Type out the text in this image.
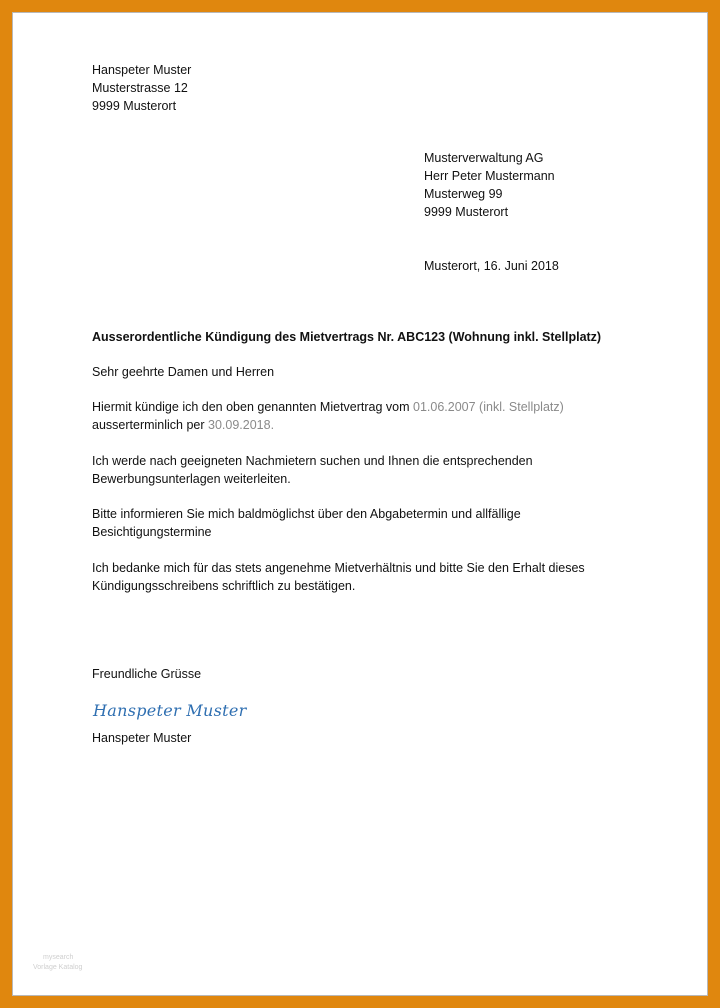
Hanspeter Muster
Musterstrasse 12
9999 Musterort
Musterverwaltung AG
Herr Peter Mustermann
Musterweg 99
9999 Musterort
Musterort, 16. Juni 2018
Ausserordentliche Kündigung des Mietvertrags Nr. ABC123 (Wohnung inkl. Stellplatz)
Sehr geehrte Damen und Herren
Hiermit kündige ich den oben genannten Mietvertrag vom 01.06.2007 (inkl. Stellplatz)
ausserterminlich per 30.09.2018.
Ich werde nach geeigneten Nachmietern suchen und Ihnen die entsprechenden
Bewerbungsunterlagen weiterleiten.
Bitte informieren Sie mich baldmöglichst über den Abgabetermin und allfällige
Besichtigungstermine
Ich bedanke mich für das stets angenehme Mietverhältnis und bitte Sie den Erhalt dieses
Kündigungsschreibens schriftlich zu bestätigen.
Freundliche Grüsse
Hanspeter Muster
Hanspeter Muster
mysearch
Vorlage Katalog
